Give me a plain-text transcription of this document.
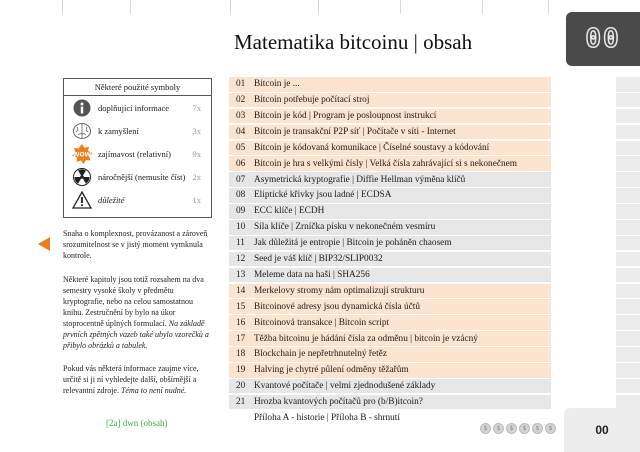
00
Matematika bitcoinu | obsah
Některé použité symboly
doplňující informace	7x
k zamyšlení	3x
WOW zajímavost (relativní)	9x
náročnější (nemusíte číst) 2x
důležité	1x
Snaha o komplexnost, provázanost a zároveň srozumitelnost se v jistý moment vymknula kontrole.
Některé kapitoly jsou totiž rozsahem na dva semestry vysoké školy v předmětu kryptografie, nebo na celou samostatnou knihu. Zestručnění by bylo na úkor stoprocentně úplných formulací. Na základě prvních zpětných vazeb také ubylo vzorečků a přibylo obrázků a tabulek.
Pokud vás některá informace zaujme více, určitě si ji ní vyhledejte další, obšírnější a relevantní zdroje. Téma to není nudné.
[2a] dwn (obsah)
01 Bitcoin je ...
02 Bitcoin potřebuje počítací stroj
03 Bitcoin je kód | Program je posloupnost instrukcí
04 Bitcoin je transakční P2P síť | Počítače v síti - Internet
05 Bitcoin je kódovaná komunikace | Číselné soustavy a kódování
06 Bitcoin je hra s velkými čísly | Velká čísla zahrávající si s nekonečnem
07 Asymetrická kryptografie | Diffie Hellman výměna klíčů
08 Eliptické křivky jsou ladné | ECDSA
09 ECC klíče | ECDH
10 Síla klíče | Zrníčka písku v nekonečném vesmíru
11 Jak důležitá je entropie | Bitcoin je poháněn chaosem
12 Seed je váš klíč | BIP32/SLIP0032
13 Meleme data na haši | SHA256
14 Merkelovy stromy nám optimalizují strukturu
15 Bitcoinové adresy jsou dynamická čísla účtů
16 Bitcoinová transakce | Bitcoin script
17 Těžba bitcoinu je hádání čísla za odměnu | bitcoin je vzácný
18 Blockchain je nepřetrhnutelný řetěz
19 Halving je chytré půlení odměny těžařům
20 Kvantové počítače | velmi zjednodušené základy
21 Hrozba kvantových počítačů pro (b/B)itcoin?
Příloha A - historie | Příloha B - shrnutí
$	$	$	$	$	$	00
